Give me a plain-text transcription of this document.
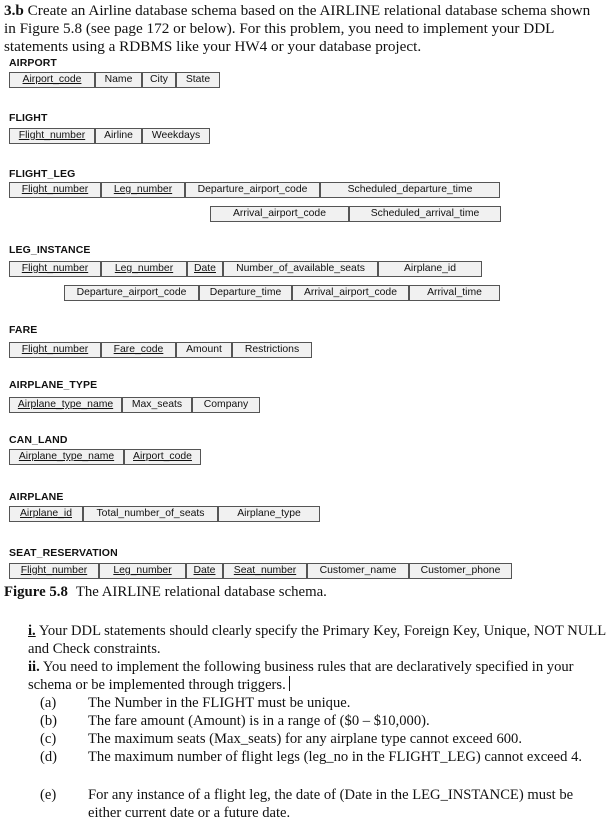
3.b Create an Airline database schema based on the AIRLINE relational database schema shown in Figure 5.8 (see page 172 or below). For this problem, you need to implement your DDL statements using a RDBMS like your HW4 or your database project.

AIRPORT
Airport_code	Name	City	State
FLIGHT
Flight_number	Airline	Weekdays
FLIGHT_LEG
Flight_number	Leg_number	Departure_airport_code	Scheduled_departure_time
Arrival_airport_code	Scheduled_arrival_time
LEG_INSTANCE
Flight_number	Leg_number	Date	Number_of_available_seats	Airplane_id
Departure_airport_code	Departure_time	Arrival_airport_code	Arrival_time
FARE
Flight_number	Fare_code	Amount	Restrictions
AIRPLANE_TYPE
Airplane_type_name	Max_seats	Company
CAN_LAND
Airplane_type_name	Airport_code
AIRPLANE
Airplane_id	Total_number_of_seats	Airplane_type
SEAT_RESERVATION
Flight_number	Leg_number	Date	Seat_number	Customer_name	Customer_phone
Figure 5.8 The AIRLINE relational database schema.

i. Your DDL statements should clearly specify the Primary Key, Foreign Key, Unique, NOT NULL and Check constraints.

ii. You need to implement the following business rules that are declaratively specified in your schema or be implemented through triggers.

(a) The Number in the FLIGHT must be unique.
(b) The fare amount (Amount) is in a range of ($0 – $10,000).
(c) The maximum seats (Max_seats) for any airplane type cannot exceed 600.
(d) The maximum number of flight legs (leg_no in the FLIGHT_LEG) cannot exceed 4.
(e) For any instance of a flight leg, the date of (Date in the LEG_INSTANCE) must be either current date or a future date.
